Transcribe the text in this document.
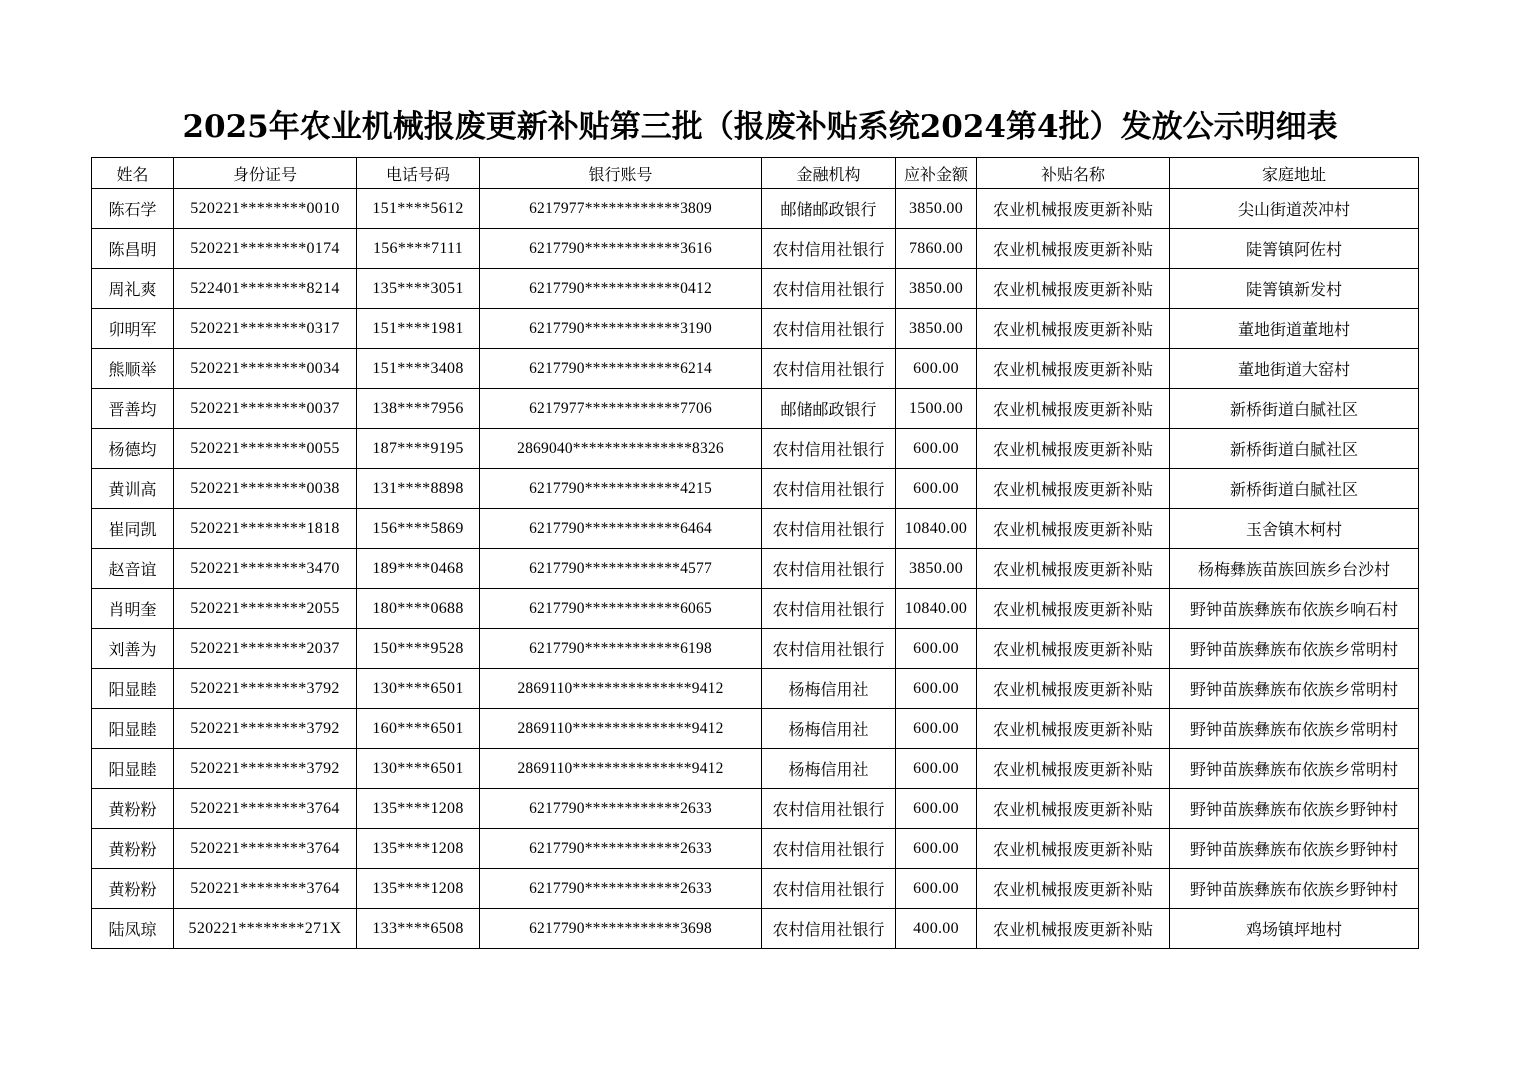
2025年农业机械报废更新补贴第三批（报废补贴系统2024第4批）发放公示明细表
姓名	身份证号	电话号码	银行账号	金融机构	应补金额	补贴名称	家庭地址
陈石学	520221********0010	151****5612	6217977************3809	邮储邮政银行	3850.00	农业机械报废更新补贴	尖山街道茨冲村
陈昌明	520221********0174	156****7111	6217790************3616	农村信用社银行	7860.00	农业机械报废更新补贴	陡箐镇阿佐村
周礼爽	522401********8214	135****3051	6217790************0412	农村信用社银行	3850.00	农业机械报废更新补贴	陡箐镇新发村
卯明军	520221********0317	151****1981	6217790************3190	农村信用社银行	3850.00	农业机械报废更新补贴	董地街道董地村
熊顺举	520221********0034	151****3408	6217790************6214	农村信用社银行	600.00	农业机械报废更新补贴	董地街道大窑村
晋善均	520221********0037	138****7956	6217977************7706	邮储邮政银行	1500.00	农业机械报废更新补贴	新桥街道白腻社区
杨德均	520221********0055	187****9195	2869040***************8326	农村信用社银行	600.00	农业机械报废更新补贴	新桥街道白腻社区
黄训高	520221********0038	131****8898	6217790************4215	农村信用社银行	600.00	农业机械报废更新补贴	新桥街道白腻社区
崔同凯	520221********1818	156****5869	6217790************6464	农村信用社银行	10840.00	农业机械报废更新补贴	玉舍镇木柯村
赵音谊	520221********3470	189****0468	6217790************4577	农村信用社银行	3850.00	农业机械报废更新补贴	杨梅彝族苗族回族乡台沙村
肖明奎	520221********2055	180****0688	6217790************6065	农村信用社银行	10840.00	农业机械报废更新补贴	野钟苗族彝族布依族乡响石村
刘善为	520221********2037	150****9528	6217790************6198	农村信用社银行	600.00	农业机械报废更新补贴	野钟苗族彝族布依族乡常明村
阳显睦	520221********3792	130****6501	2869110***************9412	杨梅信用社	600.00	农业机械报废更新补贴	野钟苗族彝族布依族乡常明村
阳显睦	520221********3792	160****6501	2869110***************9412	杨梅信用社	600.00	农业机械报废更新补贴	野钟苗族彝族布依族乡常明村
阳显睦	520221********3792	130****6501	2869110***************9412	杨梅信用社	600.00	农业机械报废更新补贴	野钟苗族彝族布依族乡常明村
黄粉粉	520221********3764	135****1208	6217790************2633	农村信用社银行	600.00	农业机械报废更新补贴	野钟苗族彝族布依族乡野钟村
黄粉粉	520221********3764	135****1208	6217790************2633	农村信用社银行	600.00	农业机械报废更新补贴	野钟苗族彝族布依族乡野钟村
黄粉粉	520221********3764	135****1208	6217790************2633	农村信用社银行	600.00	农业机械报废更新补贴	野钟苗族彝族布依族乡野钟村
陆凤琼	520221********271X	133****6508	6217790************3698	农村信用社银行	400.00	农业机械报废更新补贴	鸡场镇坪地村
